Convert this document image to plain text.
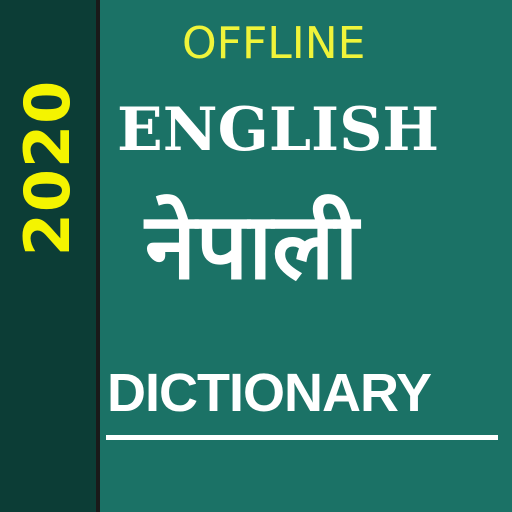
2020
OFFLINE
ENGLISH
नेपाली
DICTIONARY
